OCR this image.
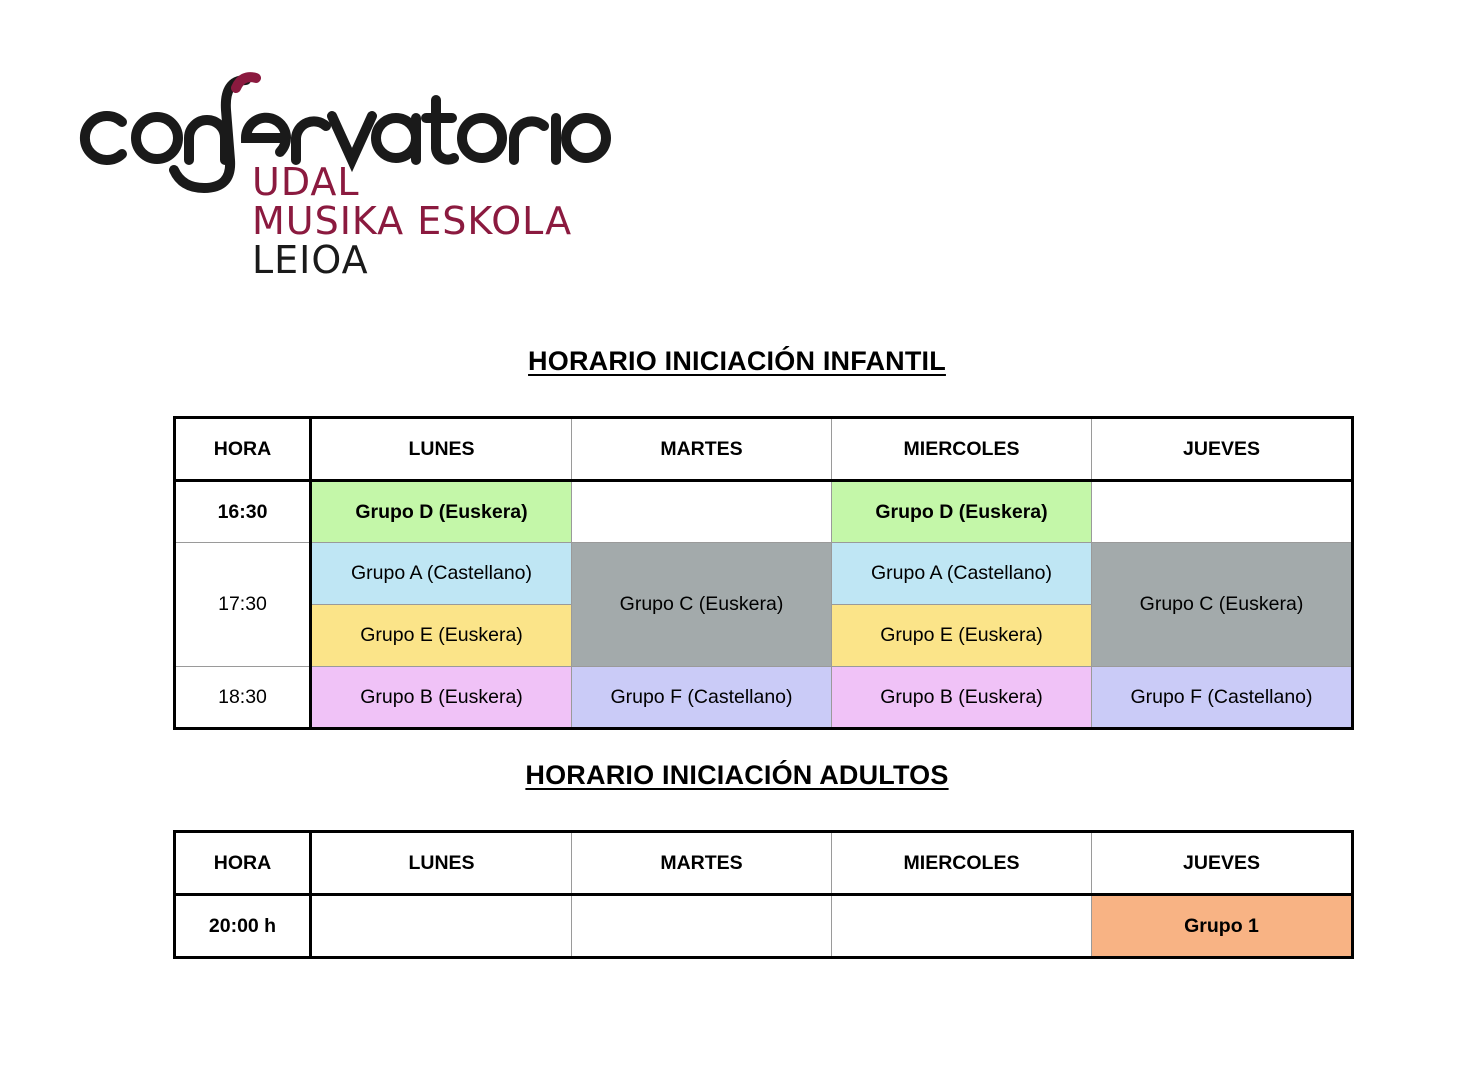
UDAL
MUSIKA ESKOLA
LEIOA
HORARIO INICIACIÓN INFANTIL
HORA	LUNES	MARTES	MIERCOLES	JUEVES
16:30	Grupo D (Euskera)		Grupo D (Euskera)	
17:30	Grupo A (Castellano)	Grupo C (Euskera)	Grupo A (Castellano)	Grupo C (Euskera)
	Grupo E (Euskera)		Grupo E (Euskera)	
18:30	Grupo B (Euskera)	Grupo F (Castellano)	Grupo B (Euskera)	Grupo F (Castellano)
HORARIO INICIACIÓN ADULTOS
HORA	LUNES	MARTES	MIERCOLES	JUEVES
20:00 h				Grupo 1
